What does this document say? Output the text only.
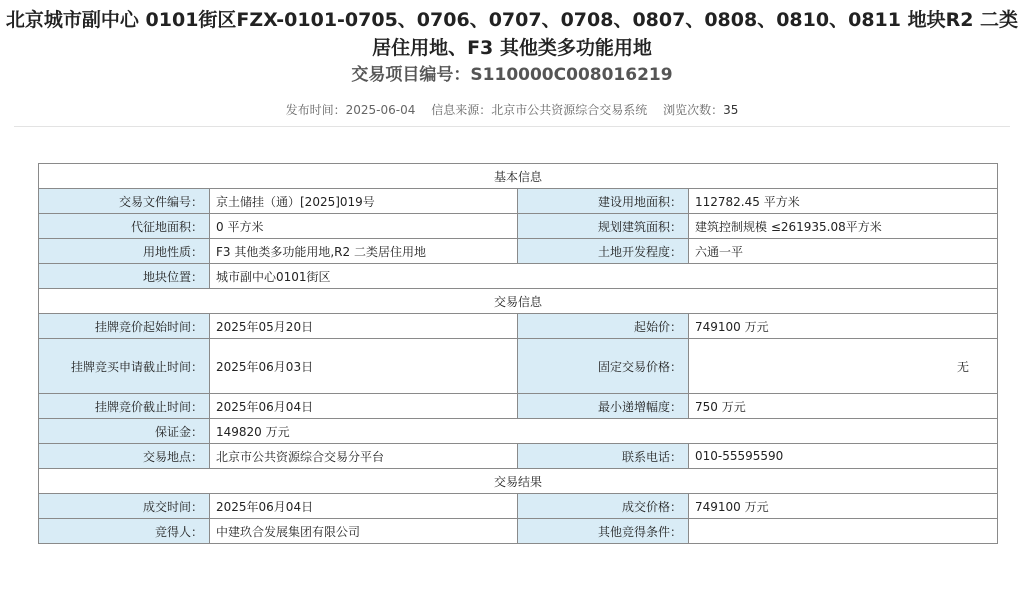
北京城市副中心 0101街区FZX-0101-0705、0706、0707、0708、0807、0808、0810、0811 地块R2 二类居住用地、F3 其他类多功能用地
交易项目编号：S110000C008016219
发布时间：2025-06-04 信息来源：北京市公共资源综合交易系统 浏览次数：35
基本信息			
交易文件编号：	京土储挂（通）[2025]019号	建设用地面积：	112782.45 平方米
代征地面积：	0 平方米	规划建筑面积：	建筑控制规模 ≤261935.08平方米
用地性质：	F3 其他类多功能用地,R2 二类居住用地	土地开发程度：	六通一平
地块位置：	城市副中心0101街区		
交易信息			
挂牌竞价起始时间：	2025年05月20日	起始价：	749100 万元
挂牌竞买申请截止时间：	2025年06月03日	固定交易价格：	无
挂牌竞价截止时间：	2025年06月04日	最小递增幅度：	750 万元
保证金：	149820 万元		
交易地点：	北京市公共资源综合交易分平台	联系电话：	010-55595590
交易结果			
成交时间：	2025年06月04日	成交价格：	749100 万元
竞得人：	中建玖合发展集团有限公司	其他竞得条件：	
